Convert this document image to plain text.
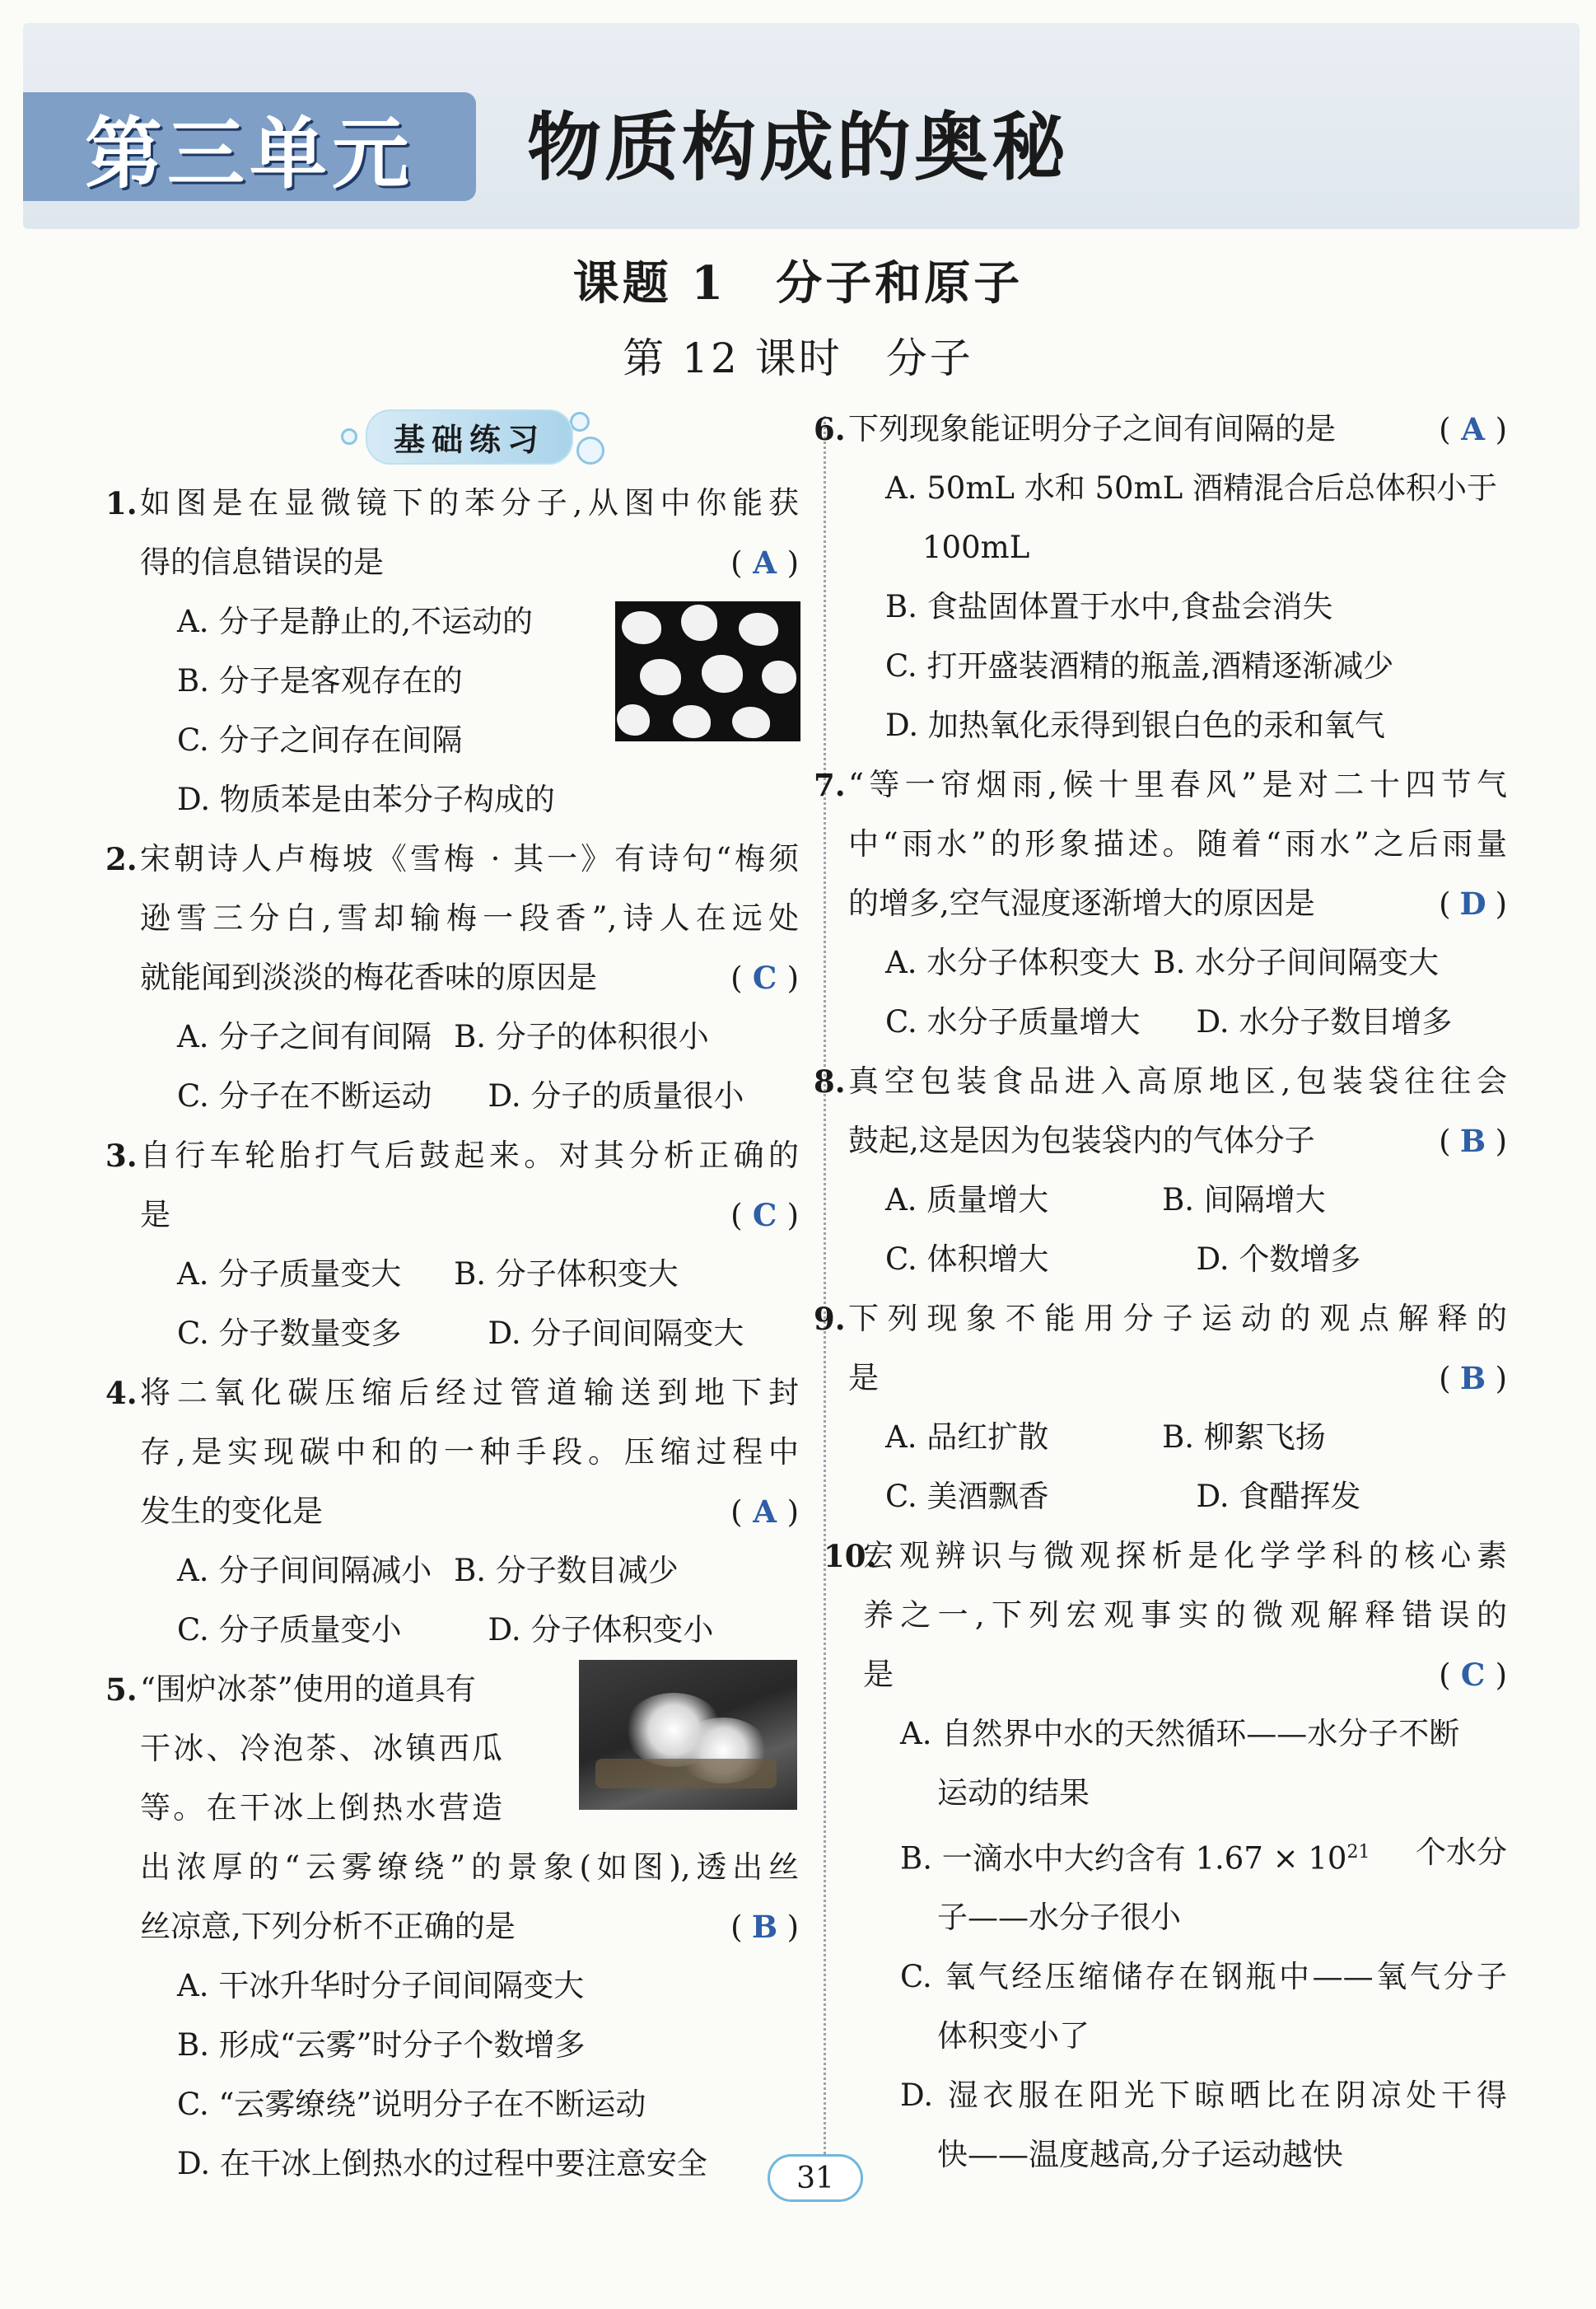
第三单元 物质构成的奥秘
课题 1　分子和原子
第 12 课时　分子
基础练习
1. 如图是在显微镜下的苯分子,从图中你能获
得的信息错误的是	( A )
A. 分子是静止的,不运动的
B. 分子是客观存在的
C. 分子之间存在间隔
D. 物质苯是由苯分子构成的
2. 宋朝诗人卢梅坡《雪梅 · 其一》有诗句“梅须
逊雪三分白,雪却输梅一段香”,诗人在远处
就能闻到淡淡的梅花香味的原因是	( C )
A. 分子之间有间隔 B. 分子的体积很小
C. 分子在不断运动	D. 分子的质量很小
3. 自行车轮胎打气后鼓起来。对其分析正确的
是	( C )
A. 分子质量变大	B. 分子体积变大
C. 分子数量变多	D. 分子间间隔变大
4. 将二氧化碳压缩后经过管道输送到地下封
存,是实现碳中和的一种手段。压缩过程中
发生的变化是	( A )
A. 分子间间隔减小 B. 分子数目减少
C. 分子质量变小	D. 分子体积变小
5. “围炉冰茶”使用的道具有
干冰、冷泡茶、冰镇西瓜
等。在干冰上倒热水营造
出浓厚的“云雾缭绕”的景象(如图),透出丝
丝凉意,下列分析不正确的是	( B )
A. 干冰升华时分子间间隔变大
B. 形成“云雾”时分子个数增多
C. “云雾缭绕”说明分子在不断运动
D. 在干冰上倒热水的过程中要注意安全
6. 下列现象能证明分子之间有间隔的是	( A )
A. 50mL 水和 50mL 酒精混合后总体积小于
100mL
B. 食盐固体置于水中,食盐会消失
C. 打开盛装酒精的瓶盖,酒精逐渐减少
D. 加热氧化汞得到银白色的汞和氧气
7. “等一帘烟雨,候十里春风”是对二十四节气
中“雨水”的形象描述。随着“雨水”之后雨量
的增多,空气湿度逐渐增大的原因是	( D )
A. 水分子体积变大 B. 水分子间间隔变大
C. 水分子质量增大	D. 水分子数目增多
8. 真空包装食品进入高原地区,包装袋往往会
鼓起,这是因为包装袋内的气体分子	( B )
A. 质量增大	B. 间隔增大
C. 体积增大	D. 个数增多
9. 下列现象不能用分子运动的观点解释的
是	( B )
A. 品红扩散	B. 柳絮飞扬
C. 美酒飘香	D. 食醋挥发
10.
宏观辨识与微观探析是化学学科的核心素
养之一,下列宏观事实的微观解释错误的
是	( C )
A. 自然界中水的天然循环——水分子不断
运动的结果
B. 一滴水中大约含有 $1.67 \times 10^{21}$ 个水分
子——水分子很小
C. 氧气经压缩储存在钢瓶中——氧气分子
体积变小了
D. 湿衣服在阳光下晾晒比在阴凉处干得
快——温度越高,分子运动越快
31
